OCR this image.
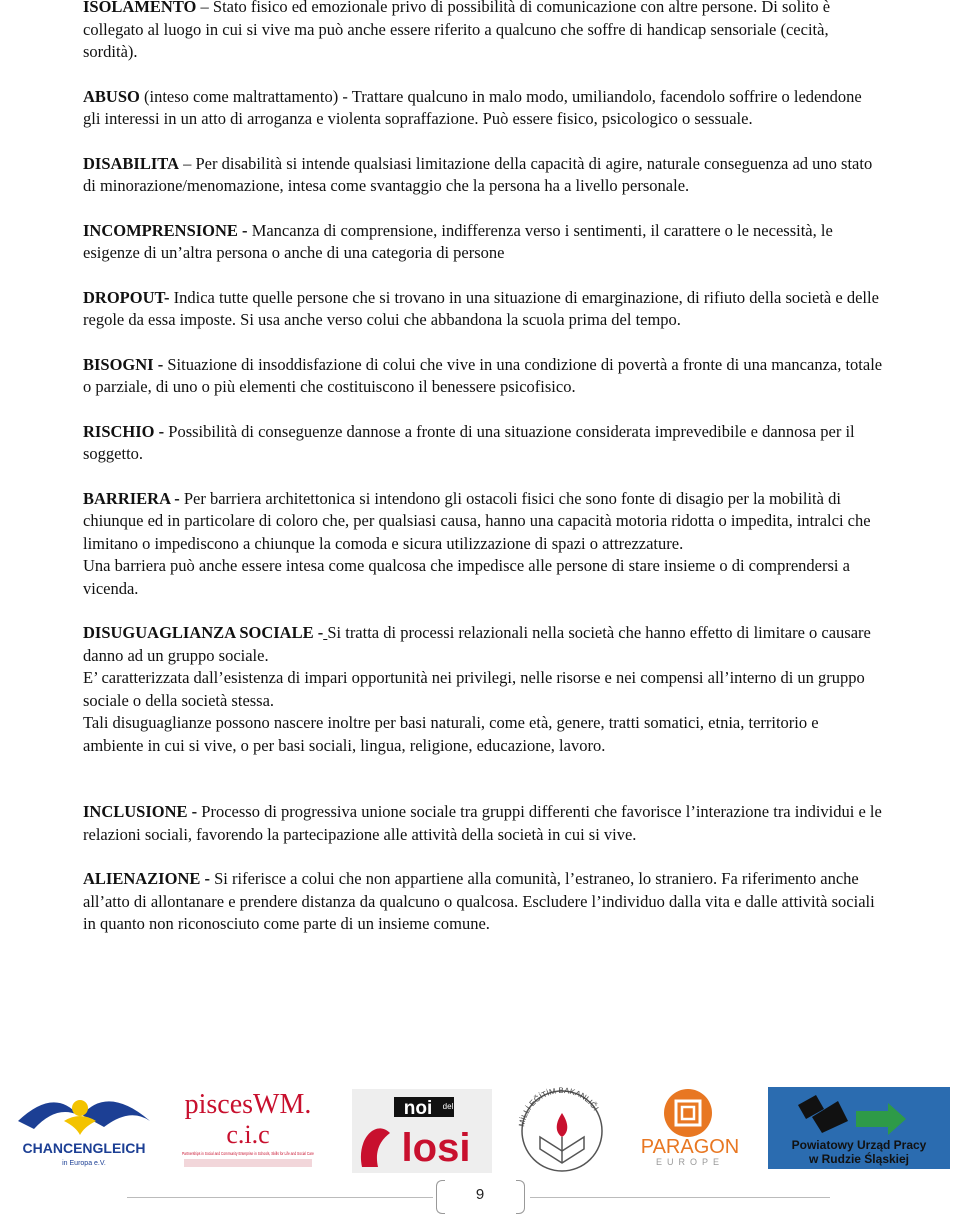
ISOLAMENTO – Stato fisico ed emozionale privo di possibilità di comunicazione con altre persone. Di solito è collegato al luogo in cui si vive ma può anche essere riferito a qualcuno che soffre di handicap sensoriale (cecità, sordità).

ABUSO (inteso come maltrattamento) - Trattare qualcuno in malo modo, umiliandolo, facendolo soffrire o ledendone gli interessi in un atto di arroganza e violenta sopraffazione. Può essere fisico, psicologico o sessuale.

DISABILITA – Per disabilità si intende qualsiasi limitazione della capacità di agire, naturale conseguenza ad uno stato di minorazione/menomazione, intesa come svantaggio che la persona ha a livello personale.

INCOMPRENSIONE - Mancanza di comprensione, indifferenza verso i sentimenti, il carattere o le necessità, le esigenze di un’altra persona o anche di una categoria di persone

DROPOUT- Indica tutte quelle persone che si trovano in una situazione di emarginazione, di rifiuto della società e delle regole da essa imposte. Si usa anche verso colui che abbandona la scuola prima del tempo.

BISOGNI - Situazione di insoddisfazione di colui che vive in una condizione di povertà a fronte di una mancanza, totale o parziale, di uno o più elementi che costituiscono il benessere psicofisico.

RISCHIO - Possibilità di conseguenze dannose a fronte di una situazione considerata imprevedibile e dannosa per il soggetto.

BARRIERA - Per barriera architettonica si intendono gli ostacoli fisici che sono fonte di disagio per la mobilità di chiunque ed in particolare di coloro che, per qualsiasi causa, hanno una capacità motoria ridotta o impedita, intralci che limitano o impediscono a chiunque la comoda e sicura utilizzazione di spazi o attrezzature.

Una barriera può anche essere intesa come qualcosa che impedisce alle persone di stare insieme o di comprendersi a vicenda.

DISUGUAGLIANZA SOCIALE - Si tratta di processi relazionali nella società che hanno effetto di limitare o causare danno ad un gruppo sociale.

E’ caratterizzata dall’esistenza di impari opportunità nei privilegi, nelle risorse e nei compensi all’interno di un gruppo sociale o della società stessa.

Tali disuguaglianze possono nascere inoltre per basi naturali, come età, genere, tratti somatici, etnia, territorio e ambiente in cui si vive, o per basi sociali, lingua, religione, educazione, lavoro.

INCLUSIONE - Processo di progressiva unione sociale tra gruppi differenti che favorisce l’interazione tra individui e le relazioni sociali, favorendo la partecipazione alle attività della società in cui si vive.

ALIENAZIONE - Si riferisce a colui che non appartiene alla comunità, l’estraneo, lo straniero. Fa riferimento anche all’atto di allontanare e prendere distanza da qualcuno o qualcosa. Escludere l’individuo dalla vita e dalle attività sociali in quanto non riconosciuto come parte di un insieme comune.

CHANCENGLEICH
in Europa e.V.
piscesWM.
c.i.c
Partnerships in Social and Community Enterprise in Schools, Skills for Life and Social Care
noi del
losi
MİLLİ EĞİTİM BAKANLIĞI
PARAGON
EUROPE
Powiatowy Urząd Pracy
w Rudzie Śląskiej
9
